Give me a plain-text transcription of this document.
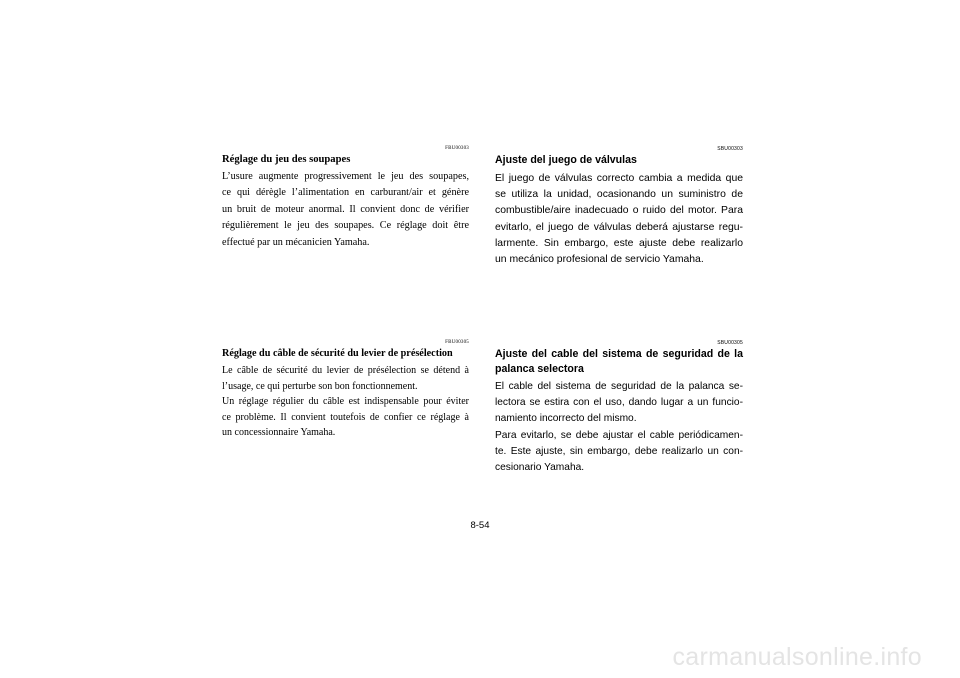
FBU00303
Réglage du jeu des soupapes
L’usure augmente progressivement le jeu des soupapes,
ce qui dérègle l’alimentation en carburant/air et génère
un bruit de moteur anormal. Il convient donc de vérifier
régulièrement le jeu des soupapes. Ce réglage doit être
effectué par un mécanicien Yamaha.
FBU00305
Réglage du câble de sécurité du levier de présélection
Le câble de sécurité du levier de présélection se détend à
l’usage, ce qui perturbe son bon fonctionnement.
Un réglage régulier du câble est indispensable pour éviter
ce problème. Il convient toutefois de confier ce réglage à
un concessionnaire Yamaha.
SBU00303
Ajuste del juego de válvulas
El juego de válvulas correcto cambia a medida que
se utiliza la unidad, ocasionando un suministro de
combustible/aire inadecuado o ruido del motor. Para
evitarlo, el juego de válvulas deberá ajustarse regu-
larmente. Sin embargo, este ajuste debe realizarlo
un mecánico profesional de servicio Yamaha.
SBU00305
Ajuste del cable del sistema de seguridad de la
palanca selectora
El cable del sistema de seguridad de la palanca se-
lectora se estira con el uso, dando lugar a un funcio-
namiento incorrecto del mismo.
Para evitarlo, se debe ajustar el cable periódicamen-
te. Este ajuste, sin embargo, debe realizarlo un con-
cesionario Yamaha.
8-54
carmanualsonline.info
